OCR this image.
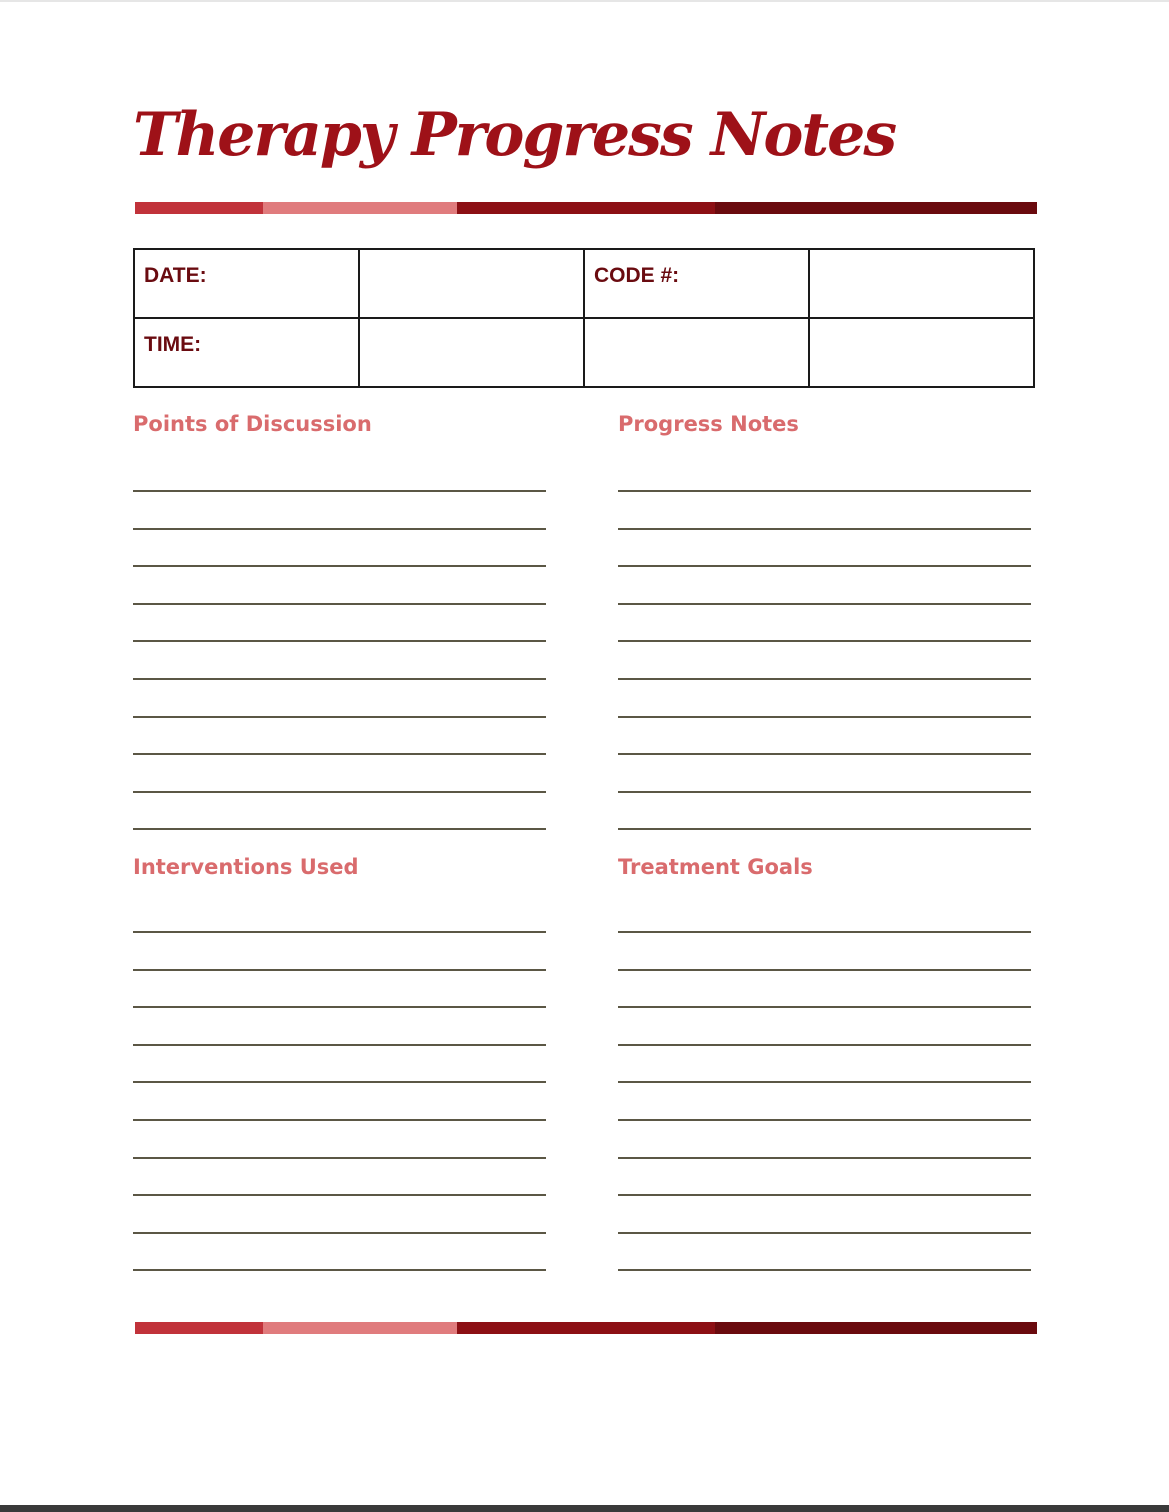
Therapy Progress Notes
DATE:		CODE #:	
TIME:			
Points of Discussion	Progress Notes
Interventions Used	Treatment Goals
